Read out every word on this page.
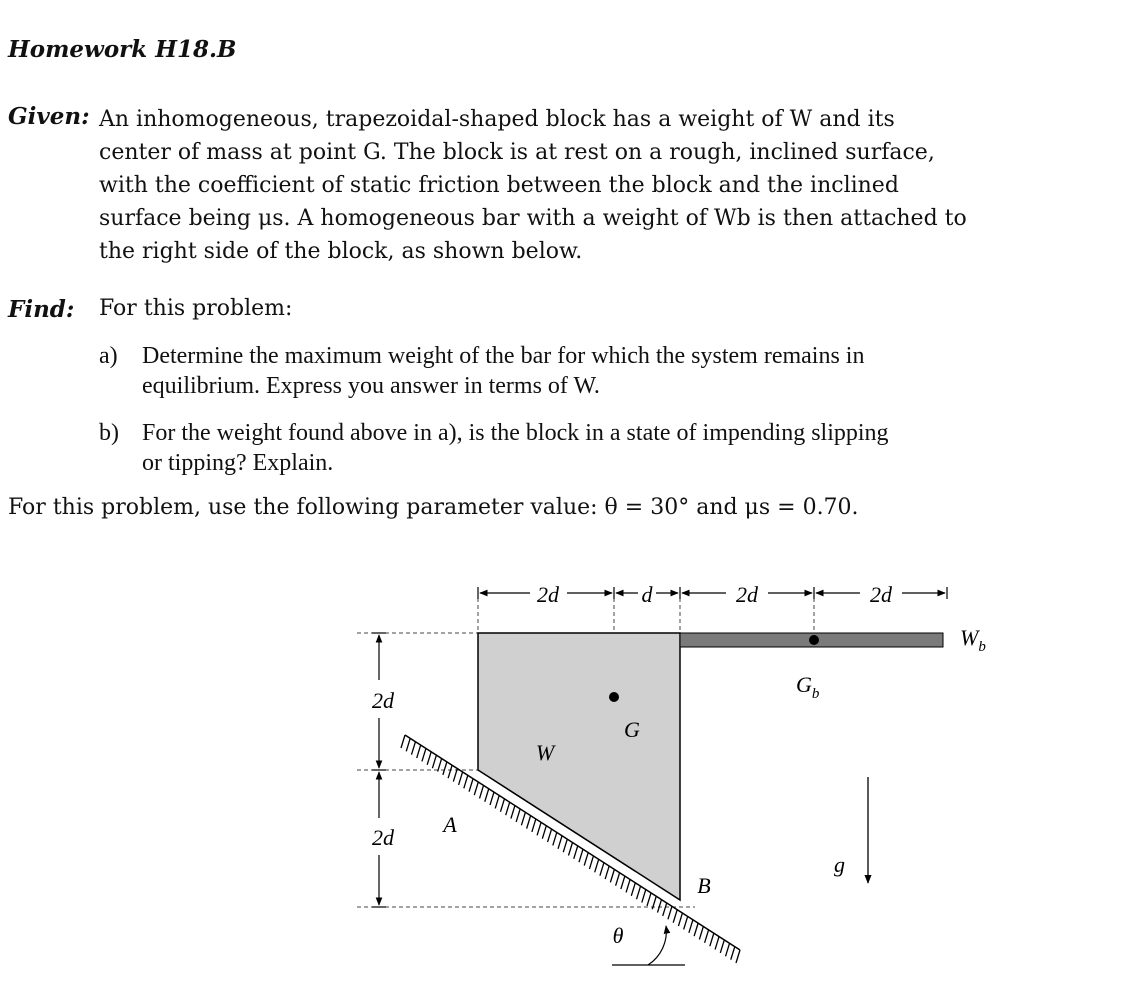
Homework H18.B
Given: An inhomogeneous, trapezoidal-shaped block has a weight of W and its
center of mass at point G. The block is at rest on a rough, inclined surface,
with the coefficient of static friction between the block and the inclined
surface being μs. A homogeneous bar with a weight of Wb is then attached to
the right side of the block, as shown below.
Find: For this problem:
a) Determine the maximum weight of the bar for which the system remains in
equilibrium. Express you answer in terms of W.
b) For the weight found above in a), is the block in a state of impending slipping
or tipping? Explain.
For this problem, use the following parameter value: θ = 30° and μs = 0.70.
2d	d	2d	2d
2d
2d
W
G
A
B
θ
$G_b$
$W_b$
g
